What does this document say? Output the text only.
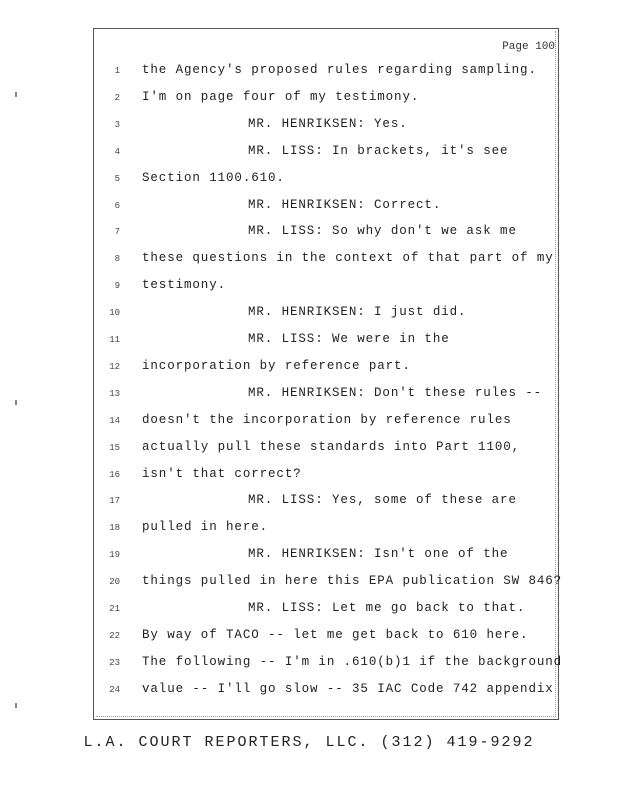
Page 100
1 the Agency's proposed rules regarding sampling.
2 I'm on page four of my testimony.
3	MR. HENRIKSEN: Yes.
4	MR. LISS: In brackets, it's see
5 Section 1100.610.
6	MR. HENRIKSEN: Correct.
7	MR. LISS: So why don't we ask me
8 these questions in the context of that part of my
9 testimony.
10	MR. HENRIKSEN: I just did.
11	MR. LISS: We were in the
12 incorporation by reference part.
13	MR. HENRIKSEN: Don't these rules --
14 doesn't the incorporation by reference rules
15 actually pull these standards into Part 1100,
16 isn't that correct?
17	MR. LISS: Yes, some of these are
18 pulled in here.
19	MR. HENRIKSEN: Isn't one of the
20 things pulled in here this EPA publication SW 846?
21	MR. LISS: Let me go back to that.
22 By way of TACO -- let me get back to 610 here.
23 The following -- I'm in .610(b)1 if the background
24 value -- I'll go slow -- 35 IAC Code 742 appendix
L.A. COURT REPORTERS, LLC. (312) 419-9292
